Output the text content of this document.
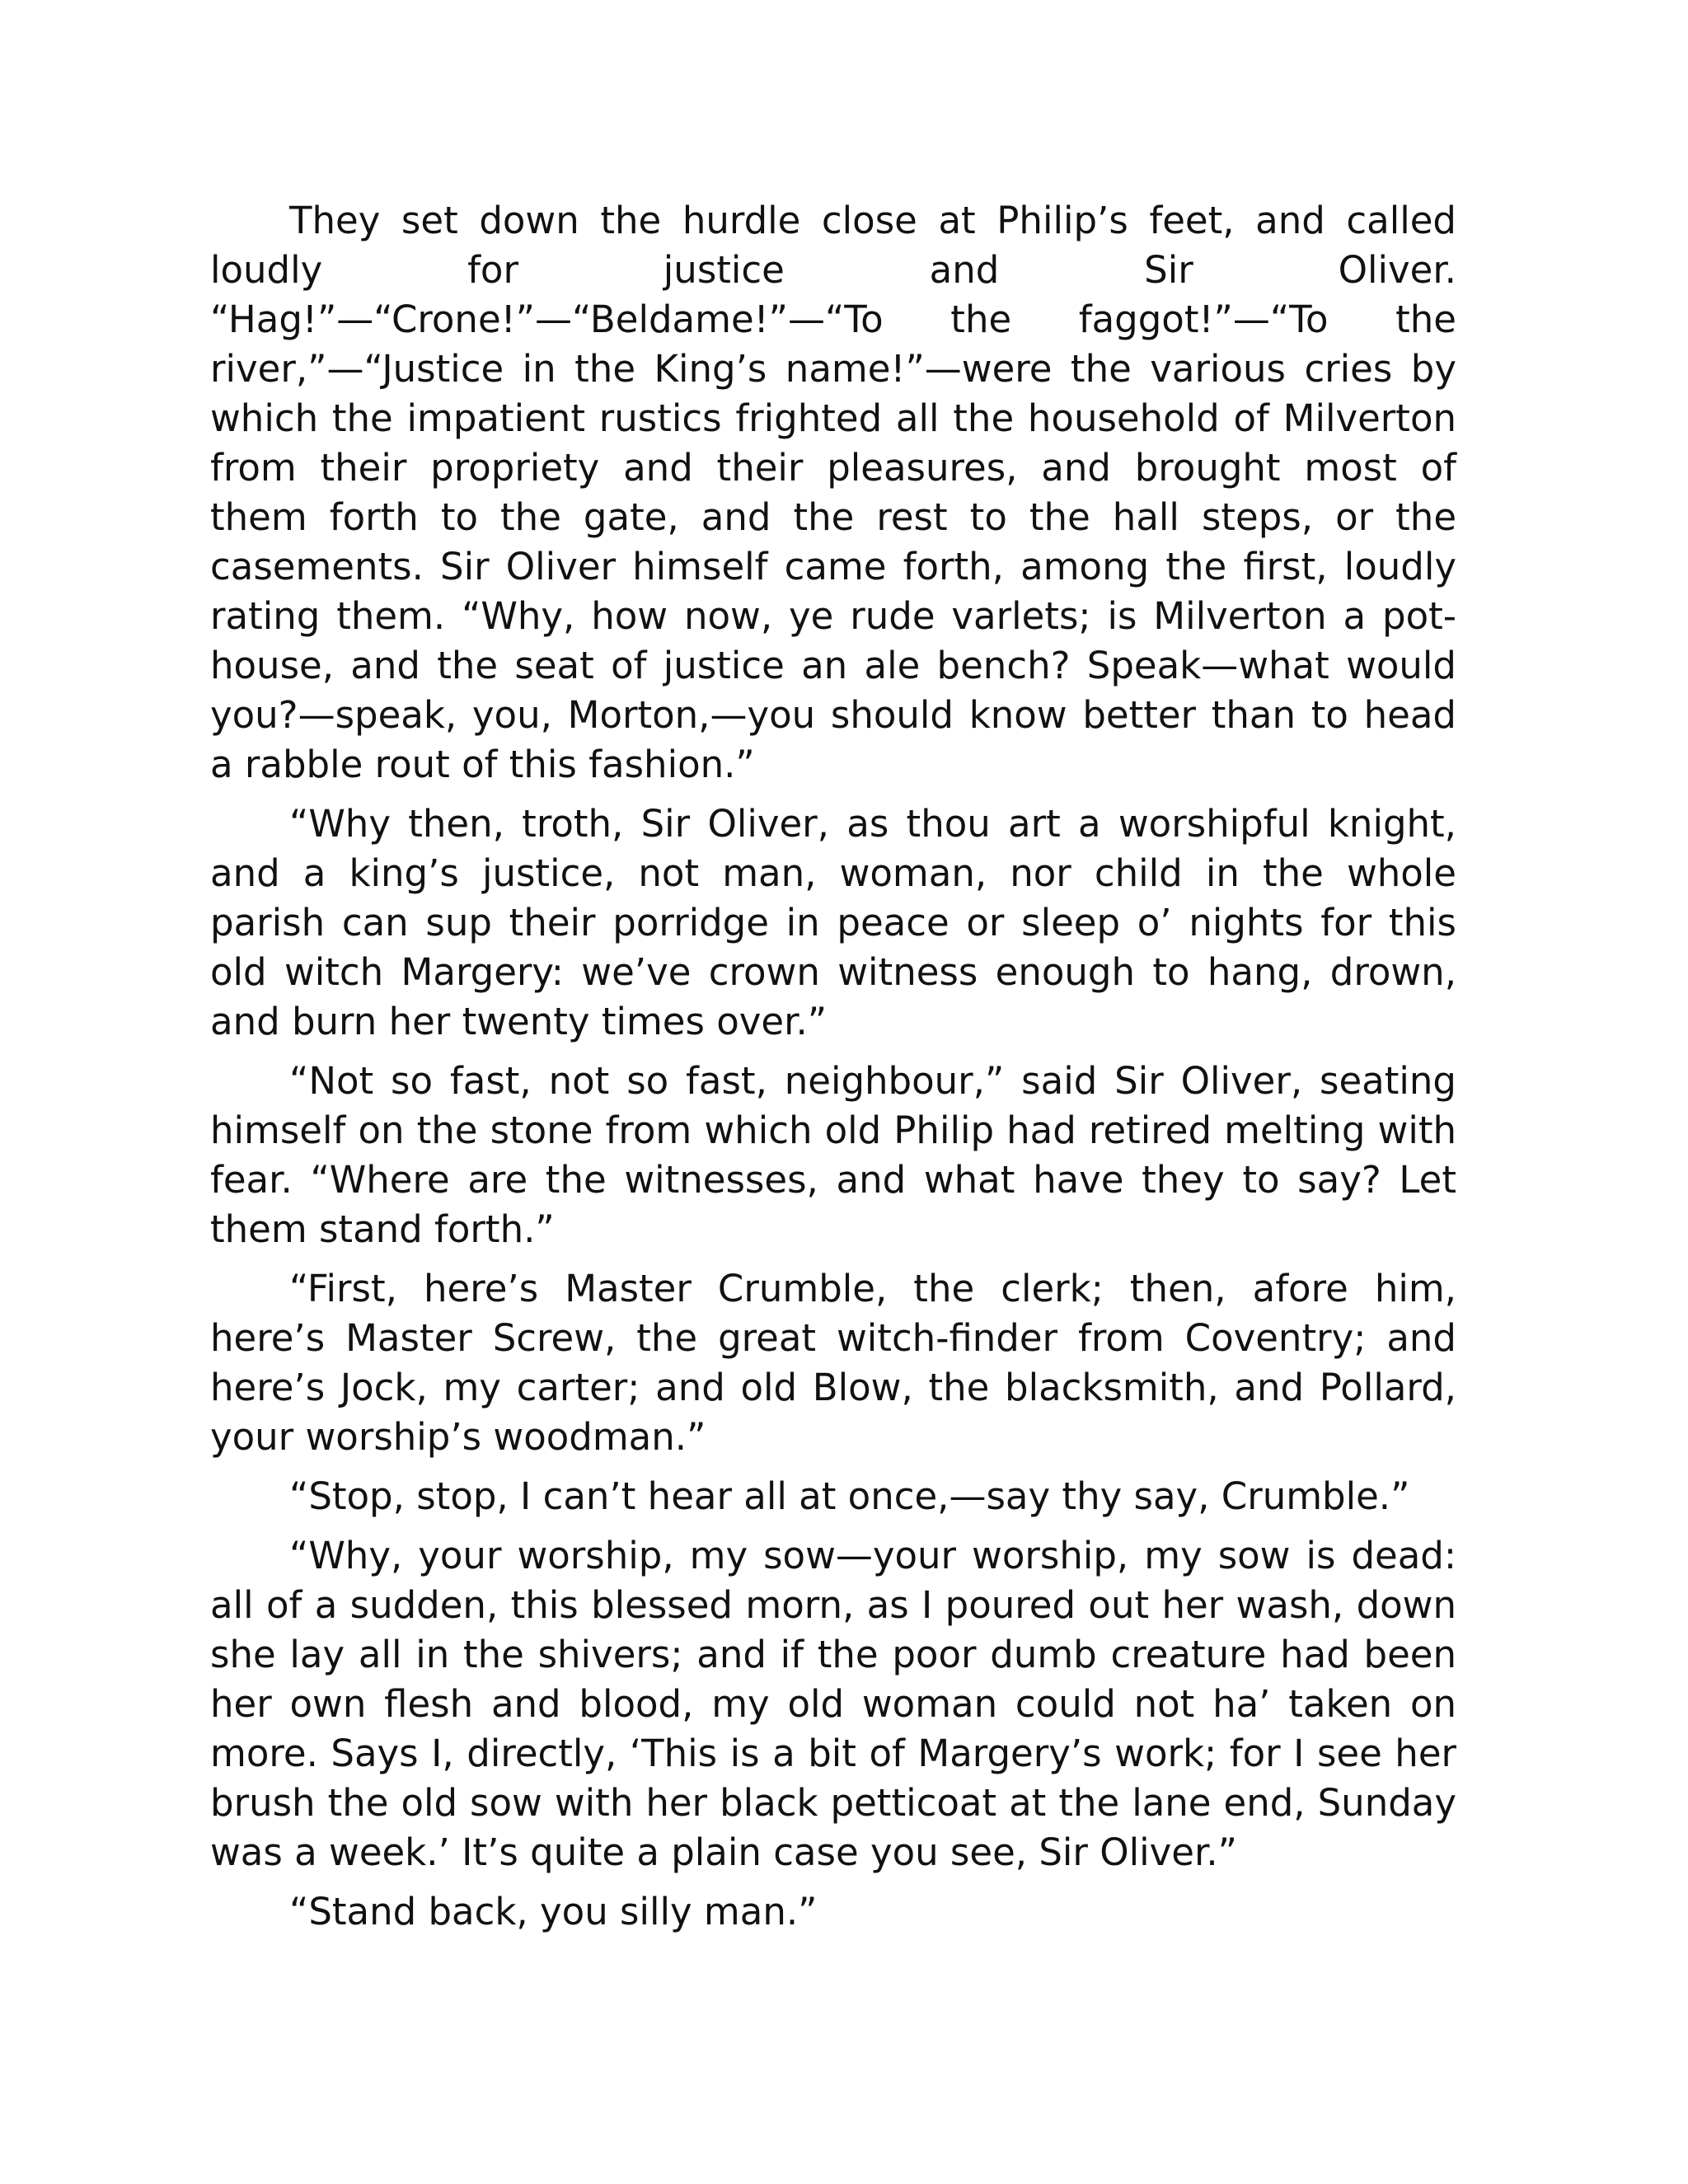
They set down the hurdle close at Philip’s feet, and called loudly for justice and Sir Oliver. “Hag!”—“Crone!”—“Beldame!”—“To the faggot!”—“To the river,”—“Justice in the King’s name!”—were the various cries by which the impatient rustics frighted all the household of Milverton from their propriety and their pleasures, and brought most of them forth to the gate, and the rest to the hall steps, or the casements. Sir Oliver himself came forth, among the first, loudly rating them. “Why, how now, ye rude varlets; is Milverton a pot-house, and the seat of justice an ale bench? Speak—what would you?—speak, you, Morton,—you should know better than to head a rabble rout of this fashion.”

“Why then, troth, Sir Oliver, as thou art a worshipful knight, and a king’s justice, not man, woman, nor child in the whole parish can sup their porridge in peace or sleep o’ nights for this old witch Margery: we’ve crown witness enough to hang, drown, and burn her twenty times over.”

“Not so fast, not so fast, neighbour,” said Sir Oliver, seating himself on the stone from which old Philip had retired melting with fear. “Where are the witnesses, and what have they to say? Let them stand forth.”

“First, here’s Master Crumble, the clerk; then, afore him, here’s Master Screw, the great witch-finder from Coventry; and here’s Jock, my carter; and old Blow, the blacksmith, and Pollard, your worship’s woodman.”

“Stop, stop, I can’t hear all at once,—say thy say, Crumble.”

“Why, your worship, my sow—your worship, my sow is dead: all of a sudden, this blessed morn, as I poured out her wash, down she lay all in the shivers; and if the poor dumb creature had been her own flesh and blood, my old woman could not ha’ taken on more. Says I, directly, ‘This is a bit of Margery’s work; for I see her brush the old sow with her black petticoat at the lane end, Sunday was a week.’ It’s quite a plain case you see, Sir Oliver.”

“Stand back, you silly man.”
